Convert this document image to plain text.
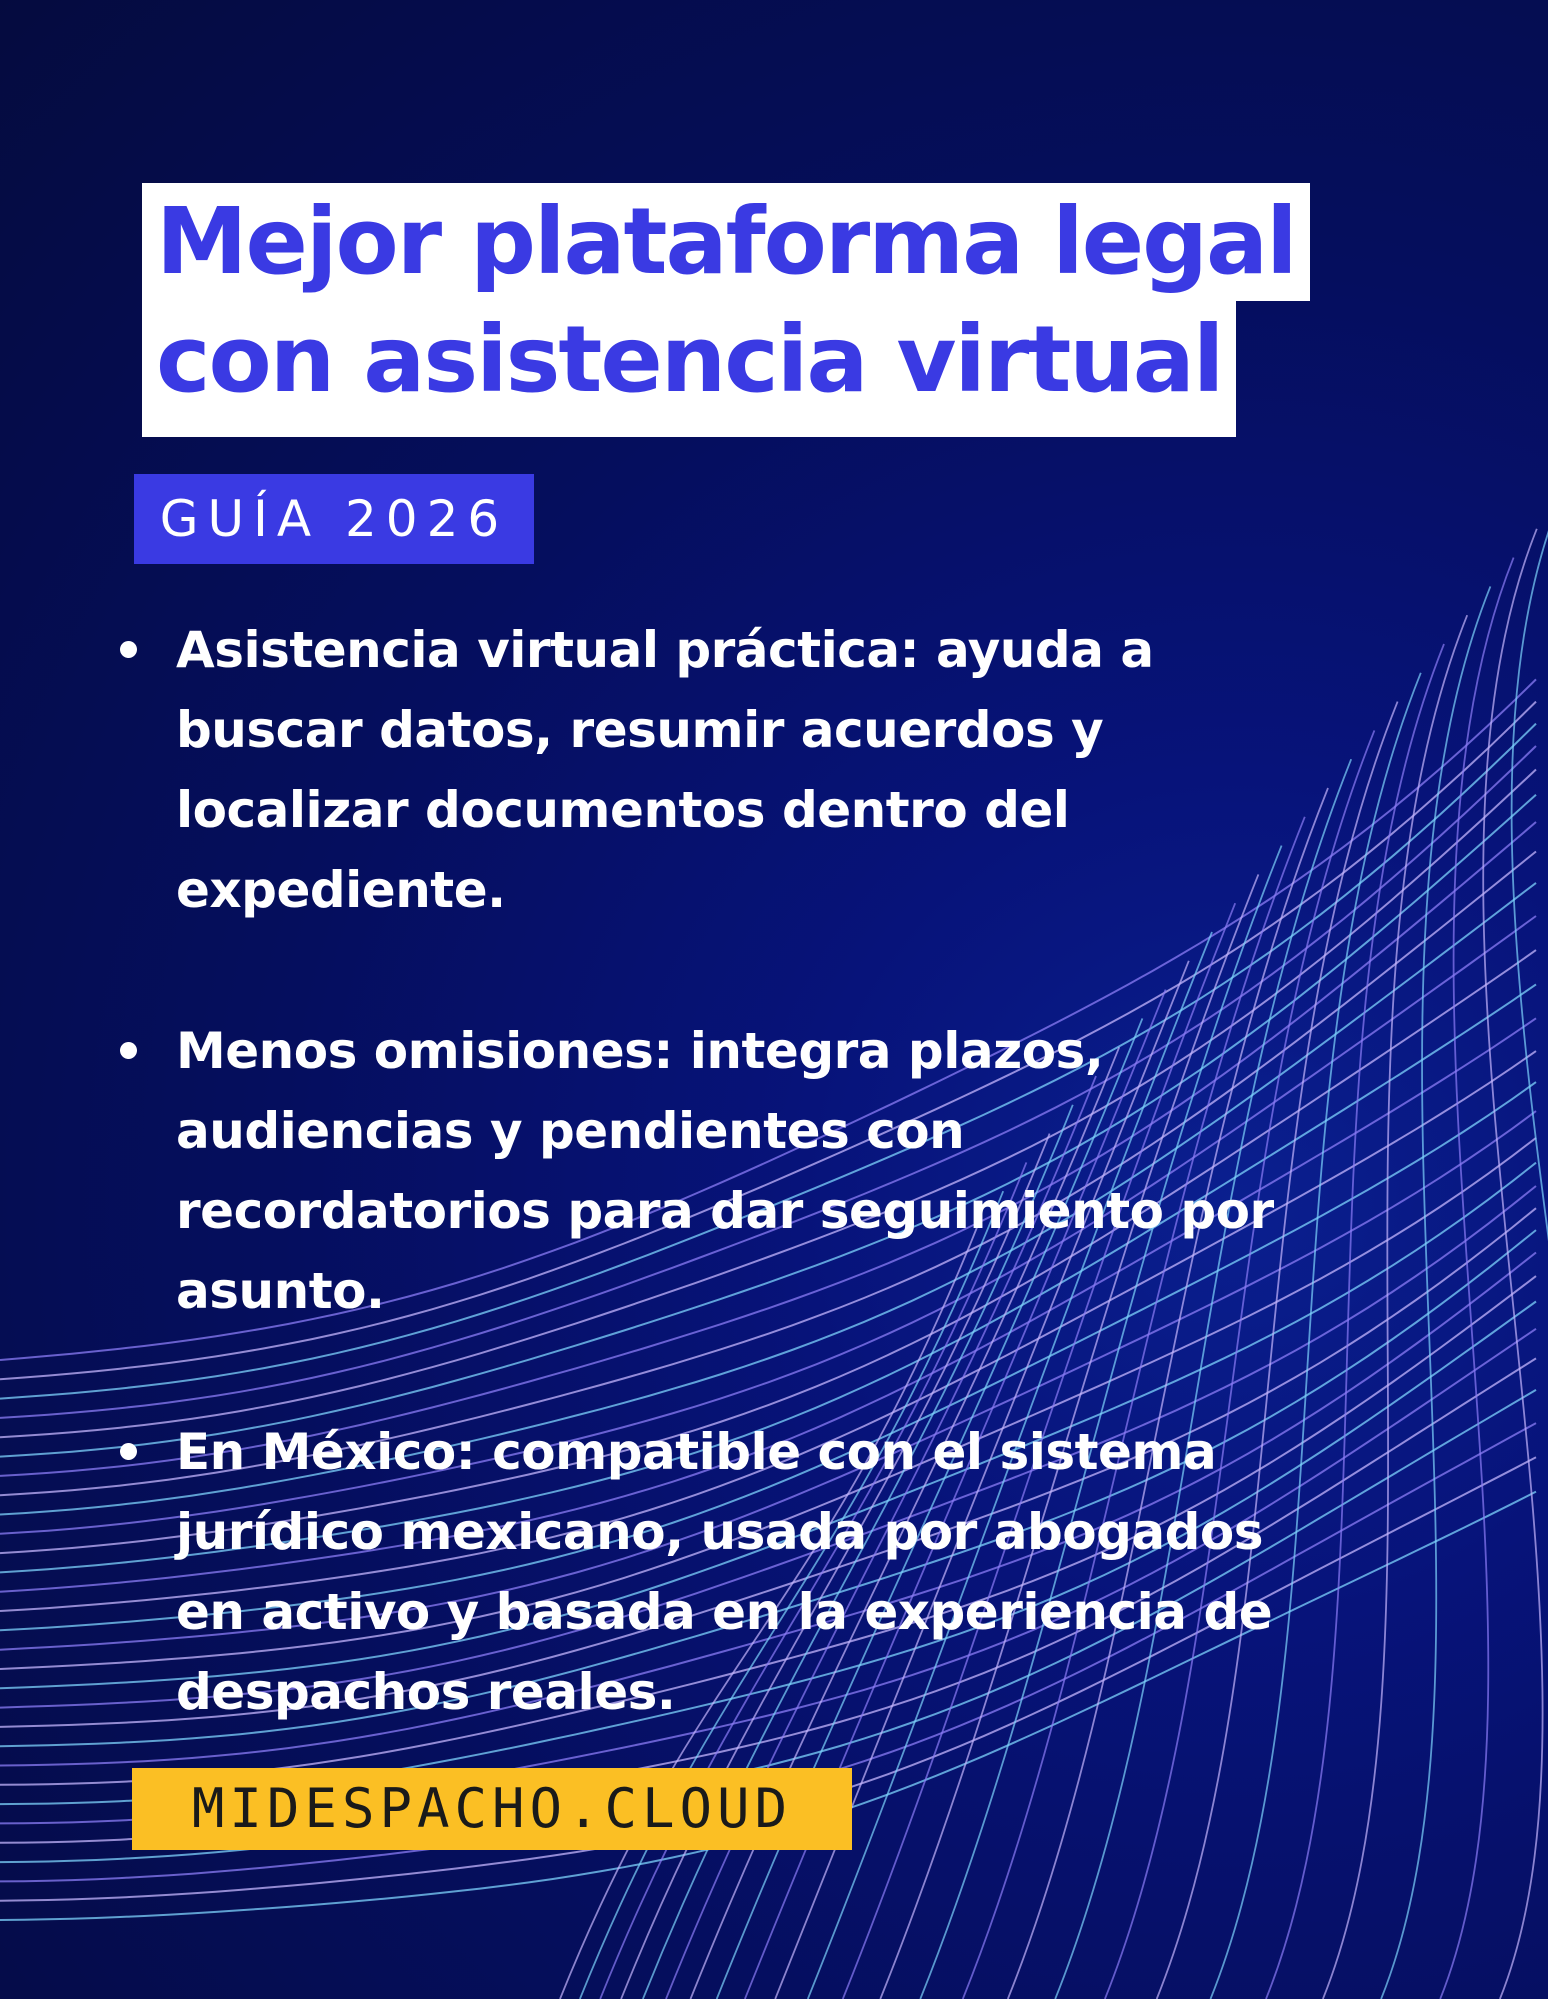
Mejor plataforma legal
con asistencia virtual
GUÍA 2026
Asistencia virtual práctica: ayuda a
buscar datos, resumir acuerdos y
localizar documentos dentro del
expediente.
Menos omisiones: integra plazos,
audiencias y pendientes con
recordatorios para dar seguimiento por
asunto.
En México: compatible con el sistema
jurídico mexicano, usada por abogados
en activo y basada en la experiencia de
despachos reales.
MIDESPACHO.CLOUD
